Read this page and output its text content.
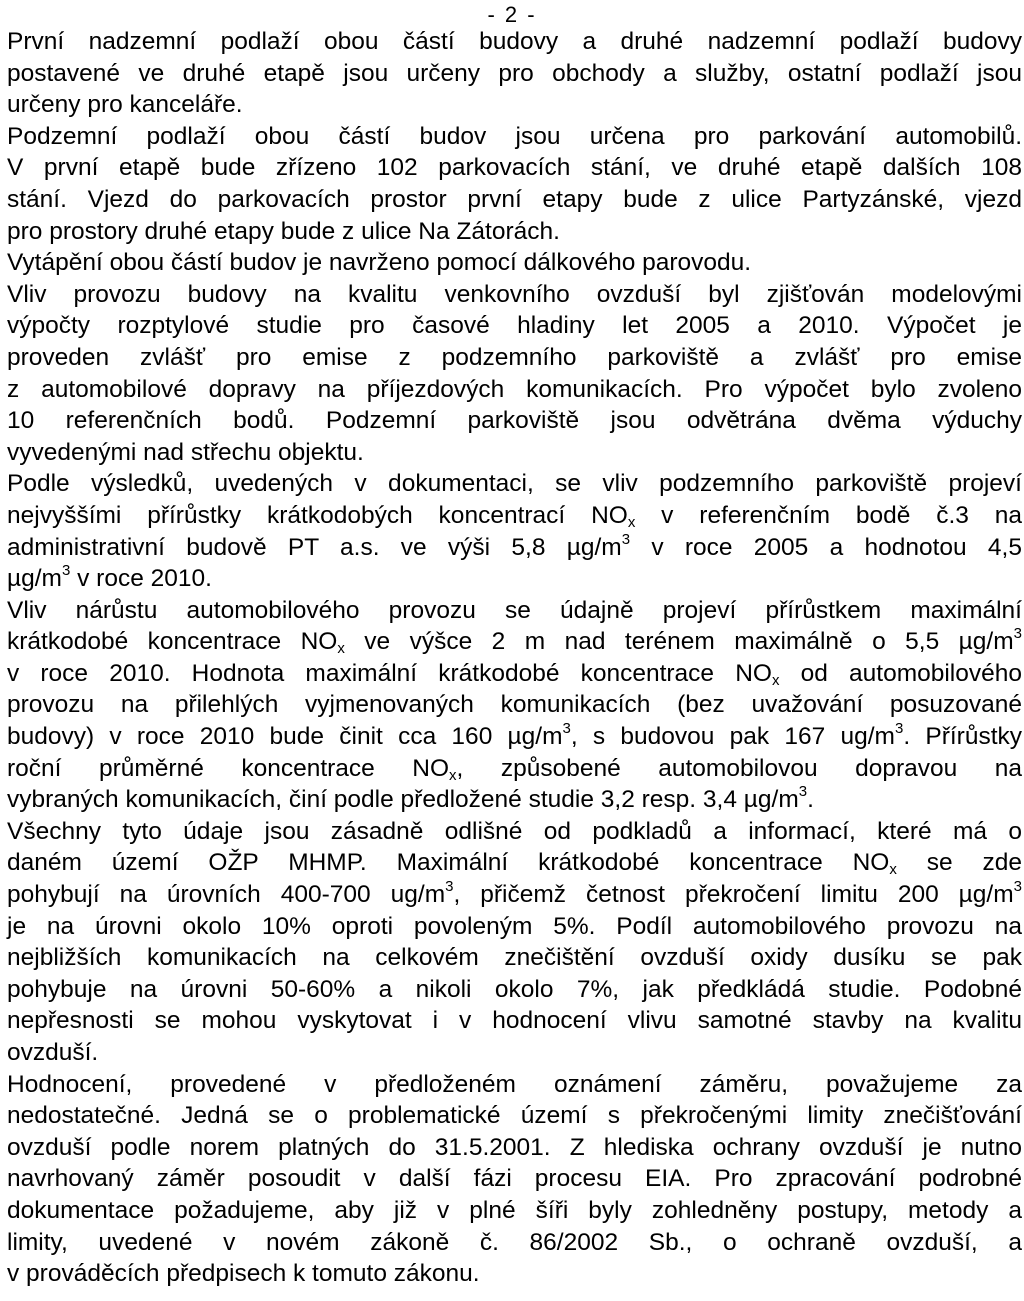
- 2 -
První nadzemní podlaží obou částí budovy a druhé nadzemní podlaží budovy
postavené ve druhé etapě jsou určeny pro obchody a služby, ostatní podlaží jsou
určeny pro kanceláře.
Podzemní podlaží obou částí budov jsou určena pro parkování automobilů.
V první etapě bude zřízeno 102 parkovacích stání, ve druhé etapě dalších 108
stání. Vjezd do parkovacích prostor první etapy bude z ulice Partyzánské, vjezd
pro prostory druhé etapy bude z ulice Na Zátorách.
Vytápění obou částí budov je navrženo pomocí dálkového parovodu.
Vliv provozu budovy na kvalitu venkovního ovzduší byl zjišťován modelovými
výpočty rozptylové studie pro časové hladiny let 2005 a 2010. Výpočet je
proveden zvlášť pro emise z podzemního parkoviště a zvlášť pro emise
z automobilové dopravy na příjezdových komunikacích. Pro výpočet bylo zvoleno
10 referenčních bodů. Podzemní parkoviště jsou odvětrána dvěma výduchy
vyvedenými nad střechu objektu.
Podle výsledků, uvedených v dokumentaci, se vliv podzemního parkoviště projeví
nejvyššími přírůstky krátkodobých koncentrací $NO_x$ v referenčním bodě č.3 na
administrativní budově PT a.s. ve výši 5,8 $\mu g/m^3$ v roce 2005 a hodnotou 4,5
$\mu g/m^3$ v roce 2010.
Vliv nárůstu automobilového provozu se údajně projeví přírůstkem maximální
krátkodobé koncentrace $NO_x$ ve výšce 2 m nad terénem maximálně o 5,5 $\mu g/m^3$
v roce 2010. Hodnota maximální krátkodobé koncentrace $NO_x$ od automobilového
provozu na přilehlých vyjmenovaných komunikacích (bez uvažování posuzované
budovy) v roce 2010 bude činit cca 160 $\mu g/m^3$, s budovou pak 167 $ug/m^3$. Přírůstky
roční průměrné koncentrace $NO_x$, způsobené automobilovou dopravou na
vybraných komunikacích, činí podle předložené studie 3,2 resp. 3,4 $\mu g/m^3$.
Všechny tyto údaje jsou zásadně odlišné od podkladů a informací, které má o
daném území OŽP MHMP. Maximální krátkodobé koncentrace $NO_x$ se zde
pohybují na úrovních 400-700 $ug/m^3$, přičemž četnost překročení limitu 200 $\mu g/m^3$
je na úrovni okolo 10% oproti povoleným 5%. Podíl automobilového provozu na
nejbližších komunikacích na celkovém znečištění ovzduší oxidy dusíku se pak
pohybuje na úrovni 50-60% a nikoli okolo 7%, jak předkládá studie. Podobné
nepřesnosti se mohou vyskytovat i v hodnocení vlivu samotné stavby na kvalitu
ovzduší.
Hodnocení, provedené v předloženém oznámení záměru, považujeme za
nedostatečné. Jedná se o problematické území s překročenými limity znečišťování
ovzduší podle norem platných do 31.5.2001. Z hlediska ochrany ovzduší je nutno
navrhovaný záměr posoudit v další fázi procesu EIA. Pro zpracování podrobné
dokumentace požadujeme, aby již v plné šíři byly zohledněny postupy, metody a
limity, uvedené v novém zákoně č. 86/2002 Sb., o ochraně ovzduší, a
v prováděcích předpisech k tomuto zákonu.
